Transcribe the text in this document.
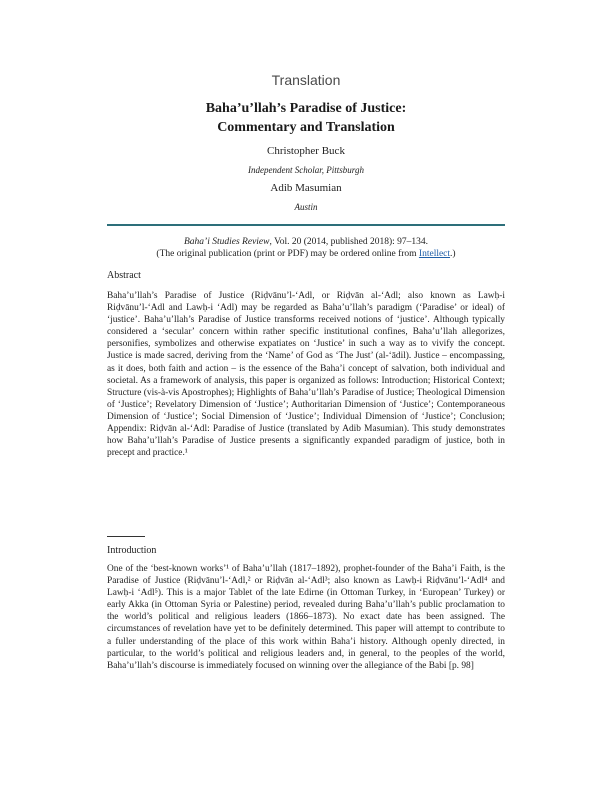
Translation
Baha’u’llah’s Paradise of Justice:
Commentary and Translation
Christopher Buck
Independent Scholar, Pittsburgh
Adib Masumian
Austin
Baha’i Studies Review, Vol. 20 (2014, published 2018): 97–134.
(The original publication (print or PDF) may be ordered online from Intellect.)
Abstract
Baha’u’llah’s Paradise of Justice (Riḍvānu’l-‘Adl, or Riḍvān al-‘Adl; also known as Lawḥ-i Riḍvānu’l-‘Adl and Lawḥ-i ‘Adl) may be regarded as Baha’u’llah’s paradigm (‘Paradise’ or ideal) of ‘justice’. Baha’u’llah’s Paradise of Justice transforms received notions of ‘justice’. Although typically considered a ‘secular’ concern within rather specific institutional confines, Baha’u’llah allegorizes, personifies, symbolizes and otherwise expatiates on ‘Justice’ in such a way as to vivify the concept. Justice is made sacred, deriving from the ‘Name’ of God as ‘The Just’ (al-‘ādil). Justice – encompassing, as it does, both faith and action – is the essence of the Baha’i concept of salvation, both individual and societal. As a framework of analysis, this paper is organized as follows: Introduction; Historical Context; Structure (vis-à-vis Apostrophes); Highlights of Baha’u’llah’s Paradise of Justice; Theological Dimension of ‘Justice’; Revelatory Dimension of ‘Justice’; Authoritarian Dimension of ‘Justice’; Contemporaneous Dimension of ‘Justice’; Social Dimension of ‘Justice’; Individual Dimension of ‘Justice’; Conclusion; Appendix: Riḍvān al-‘Adl: Paradise of Justice (translated by Adib Masumian). This study demonstrates how Baha’u’llah’s Paradise of Justice presents a significantly expanded paradigm of justice, both in precept and practice.¹
Introduction
One of the ‘best-known works’¹ of Baha’u’llah (1817–1892), prophet-founder of the Baha’i Faith, is the Paradise of Justice (Riḍvānu’l-‘Adl,² or Riḍvān al-‘Adl³; also known as Lawḥ-i Riḍvānu’l-‘Adl⁴ and Lawḥ-i ‘Adl⁵). This is a major Tablet of the late Edirne (in Ottoman Turkey, in ‘European’ Turkey) or early Akka (in Ottoman Syria or Palestine) period, revealed during Baha’u’llah’s public proclamation to the world’s political and religious leaders (1866–1873). No exact date has been assigned. The circumstances of revelation have yet to be definitely determined. This paper will attempt to contribute to a fuller understanding of the place of this work within Baha’i history. Although openly directed, in particular, to the world’s political and religious leaders and, in general, to the peoples of the world, Baha’u’llah’s discourse is immediately focused on winning over the allegiance of the Babi [p. 98]
